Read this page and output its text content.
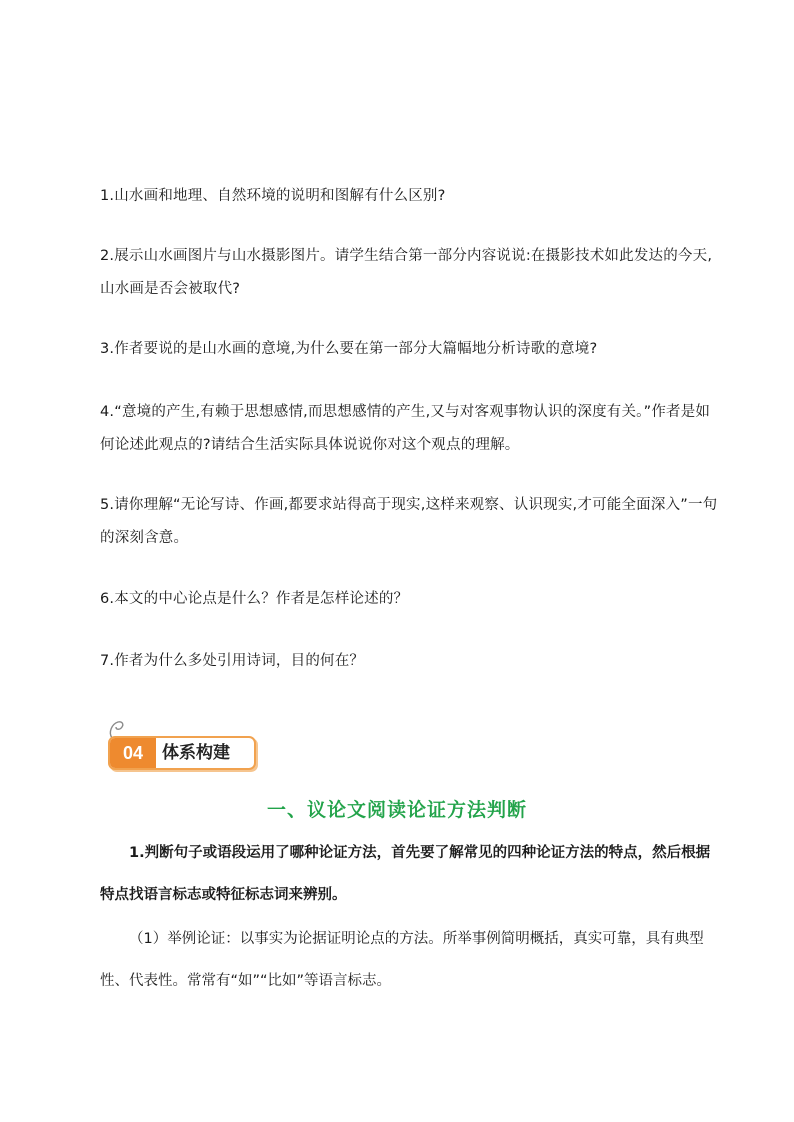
1.山水画和地理、自然环境的说明和图解有什么区别?

2.展示山水画图片与山水摄影图片。请学生结合第一部分内容说说:在摄影技术如此发达的今天,山水画是否会被取代?

3.作者要说的是山水画的意境,为什么要在第一部分大篇幅地分析诗歌的意境?

4.“意境的产生,有赖于思想感情,而思想感情的产生,又与对客观事物认识的深度有关。”作者是如何论述此观点的?请结合生活实际具体说说你对这个观点的理解。

5.请你理解“无论写诗、作画,都要求站得高于现实,这样来观察、认识现实,才可能全面深入”一句的深刻含意。

6.本文的中心论点是什么？作者是怎样论述的？

7.作者为什么多处引用诗词，目的何在？

04	体系构建
一、议论文阅读论证方法判断

1.判断句子或语段运用了哪种论证方法，首先要了解常见的四种论证方法的特点，然后根据特点找语言标志或特征标志词来辨别。

（1）举例论证：以事实为论据证明论点的方法。所举事例简明概括，真实可靠，具有典型性、代表性。常常有“如”“比如”等语言标志。
